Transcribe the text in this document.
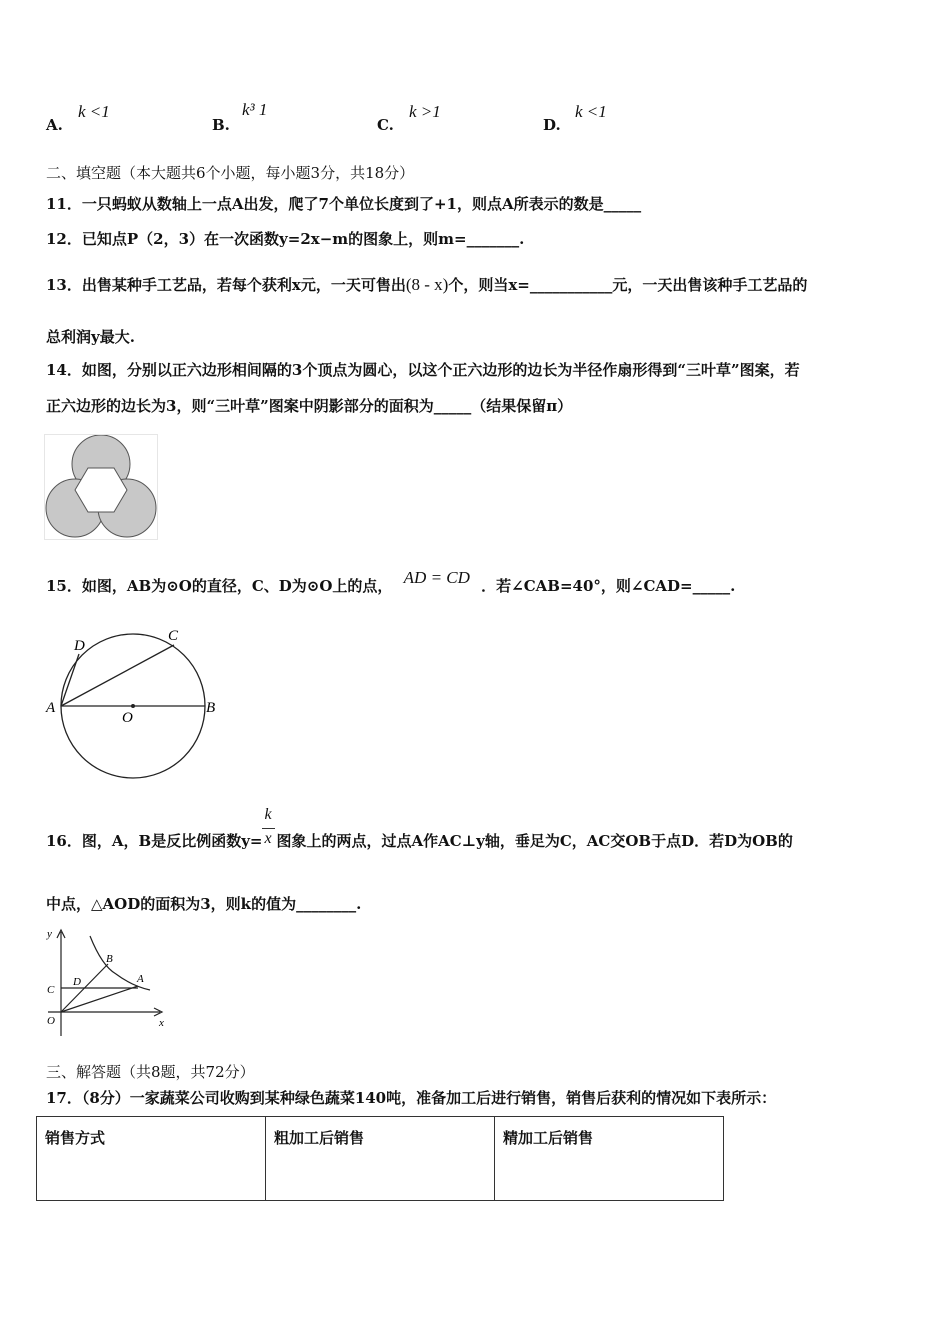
A.
k <1
B.
k³ 1
C.
k >1
D.
k <1
二、填空题（本大题共6个小题，每小题3分，共18分）
11．一只蚂蚁从数轴上一点A出发，爬了7个单位长度到了+1，则点A所表示的数是_____
12．已知点P（2，3）在一次函数y=2x−m的图象上，则m=_______.
13．出售某种手工艺品，若每个获利x元，一天可售出(8 - x)个，则当x=___________元，一天出售该种手工艺品的
总利润y最大.
14．如图，分别以正六边形相间隔的3个顶点为圆心，以这个正六边形的边长为半径作扇形得到“三叶草”图案，若
正六边形的边长为3，则“三叶草”图案中阴影部分的面积为_____（结果保留π）
15．如图，AB为⊙O的直径，C、D为⊙O上的点， AD = CD ．若∠CAB=40°，则∠CAD=_____.
D
C
A
O
B
16．图，A，B是反比例函数$y= \frac{k}{x}$ 图象上的两点，过点A作AC⊥y轴，垂足为C，AC交OB于点D．若D为OB的
中点，△AOD的面积为3，则k的值为________.
y
x
B
D	A
C
O
三、解答题（共8题，共72分）
17．（8分）一家蔬菜公司收购到某种绿色蔬菜140吨，准备加工后进行销售，销售后获利的情况如下表所示：
销售方式	粗加工后销售	精加工后销售
